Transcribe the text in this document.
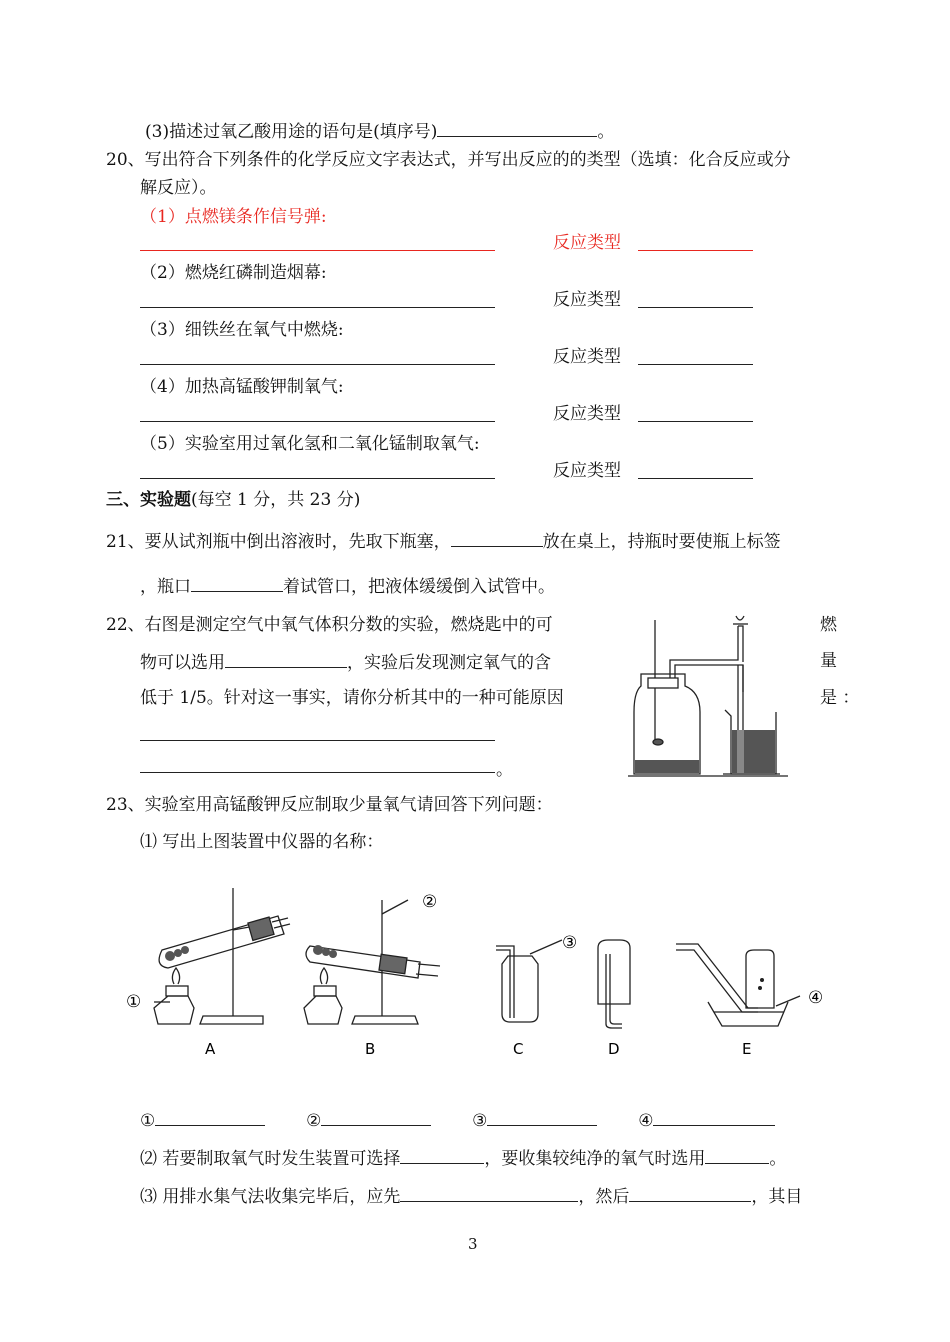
(3)描述过氧乙酸用途的语句是(填序号)	。
20、写出符合下列条件的化学反应文字表达式，并写出反应的的类型（选填：化合反应或分
解反应）。
（1）点燃镁条作信号弹:
反应类型
（2）燃烧红磷制造烟幕:
反应类型
（3）细铁丝在氧气中燃烧:
反应类型
（4）加热高锰酸钾制氧气:
反应类型
（5）实验室用过氧化氢和二氧化锰制取氧气:
反应类型
三、实验题(每空 1 分，共 23 分)
21、要从试剂瓶中倒出溶液时，先取下瓶塞，	放在桌上，持瓶时要使瓶上标签
，瓶口	着试管口，把液体缓缓倒入试管中。
22、右图是测定空气中氧气体积分数的实验，燃烧匙中的可	燃
物可以选用	，实验后发现测定氧气的含	量
低于 1/5。针对这一事实，请你分析其中的一种可能原因	是 ：
。
23、实验室用高锰酸钾反应制取少量氧气请回答下列问题：
⑴ 写出上图装置中仪器的名称：
①
②
③
④
A	B	C	D	E
①	②	③	④
⑵ 若要制取氧气时发生装置可选择	，要收集较纯净的氧气时选用	。
⑶ 用排水集气法收集完毕后，应先	，然后	，其目
3
